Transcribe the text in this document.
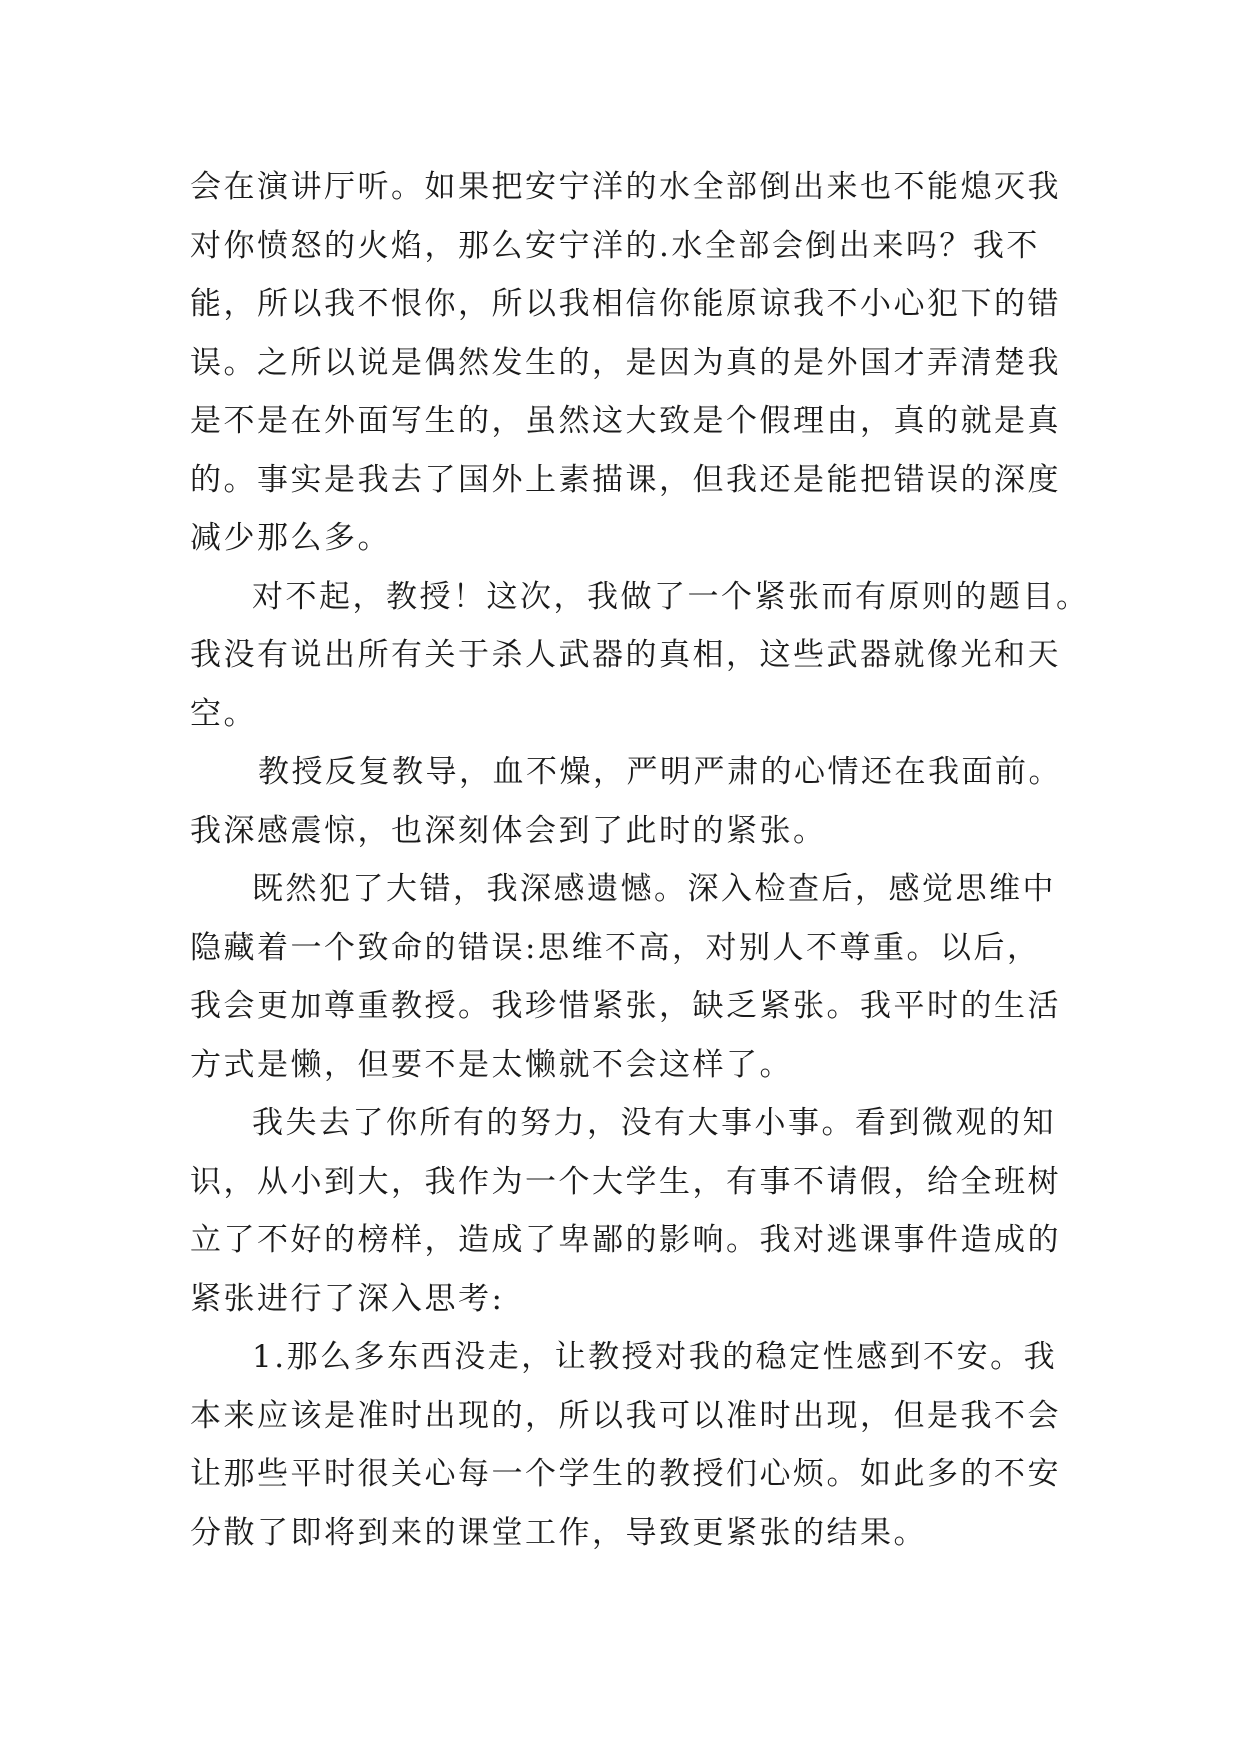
会在演讲厅听。如果把安宁洋的水全部倒出来也不能熄灭我
对你愤怒的火焰，那么安宁洋的.水全部会倒出来吗？我不
能，所以我不恨你，所以我相信你能原谅我不小心犯下的错
误。之所以说是偶然发生的，是因为真的是外国才弄清楚我
是不是在外面写生的，虽然这大致是个假理由，真的就是真
的。事实是我去了国外上素描课，但我还是能把错误的深度
减少那么多。

对不起，教授！这次，我做了一个紧张而有原则的题目。
我没有说出所有关于杀人武器的真相，这些武器就像光和天
空。

教授反复教导，血不燥，严明严肃的心情还在我面前。
我深感震惊，也深刻体会到了此时的紧张。

既然犯了大错，我深感遗憾。深入检查后，感觉思维中
隐藏着一个致命的错误:思维不高，对别人不尊重。以后，
我会更加尊重教授。我珍惜紧张，缺乏紧张。我平时的生活
方式是懒，但要不是太懒就不会这样了。

我失去了你所有的努力，没有大事小事。看到微观的知
识，从小到大，我作为一个大学生，有事不请假，给全班树
立了不好的榜样，造成了卑鄙的影响。我对逃课事件造成的
紧张进行了深入思考:

1.那么多东西没走，让教授对我的稳定性感到不安。我
本来应该是准时出现的，所以我可以准时出现，但是我不会
让那些平时很关心每一个学生的教授们心烦。如此多的不安
分散了即将到来的课堂工作，导致更紧张的结果。
